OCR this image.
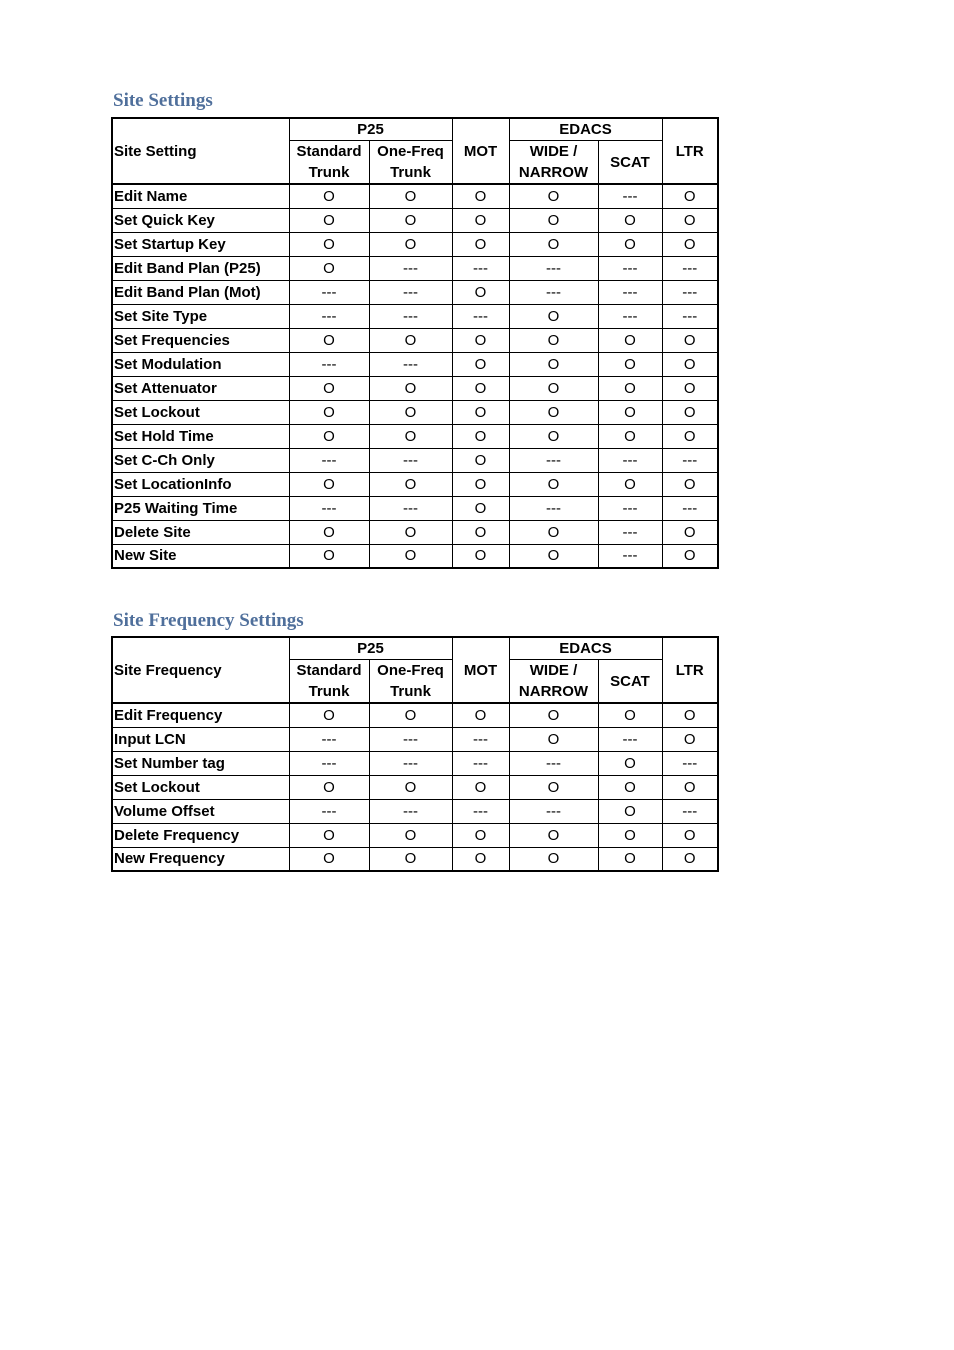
Site Settings
Site Setting	P25		MOT	EDACS		LTR
	Standard Trunk	One-Freq Trunk		WIDE / NARROW	SCAT	
Edit Name	O	O	O	O	---	O
Set Quick Key	O	O	O	O	O	O
Set Startup Key	O	O	O	O	O	O
Edit Band Plan (P25)	O	---	---	---	---	---
Edit Band Plan (Mot)	---	---	O	---	---	---
Set Site Type	---	---	---	O	---	---
Set Frequencies	O	O	O	O	O	O
Set Modulation	---	---	O	O	O	O
Set Attenuator	O	O	O	O	O	O
Set Lockout	O	O	O	O	O	O
Set Hold Time	O	O	O	O	O	O
Set C-Ch Only	---	---	O	---	---	---
Set LocationInfo	O	O	O	O	O	O
P25 Waiting Time	---	---	O	---	---	---
Delete Site	O	O	O	O	---	O
New Site	O	O	O	O	---	O
Site Frequency Settings
Site Frequency	P25		MOT	EDACS		LTR
	Standard Trunk	One-Freq Trunk		WIDE / NARROW	SCAT	
Edit Frequency	O	O	O	O	O	O
Input LCN	---	---	---	O	---	O
Set Number tag	---	---	---	---	O	---
Set Lockout	O	O	O	O	O	O
Volume Offset	---	---	---	---	O	---
Delete Frequency	O	O	O	O	O	O
New Frequency	O	O	O	O	O	O
